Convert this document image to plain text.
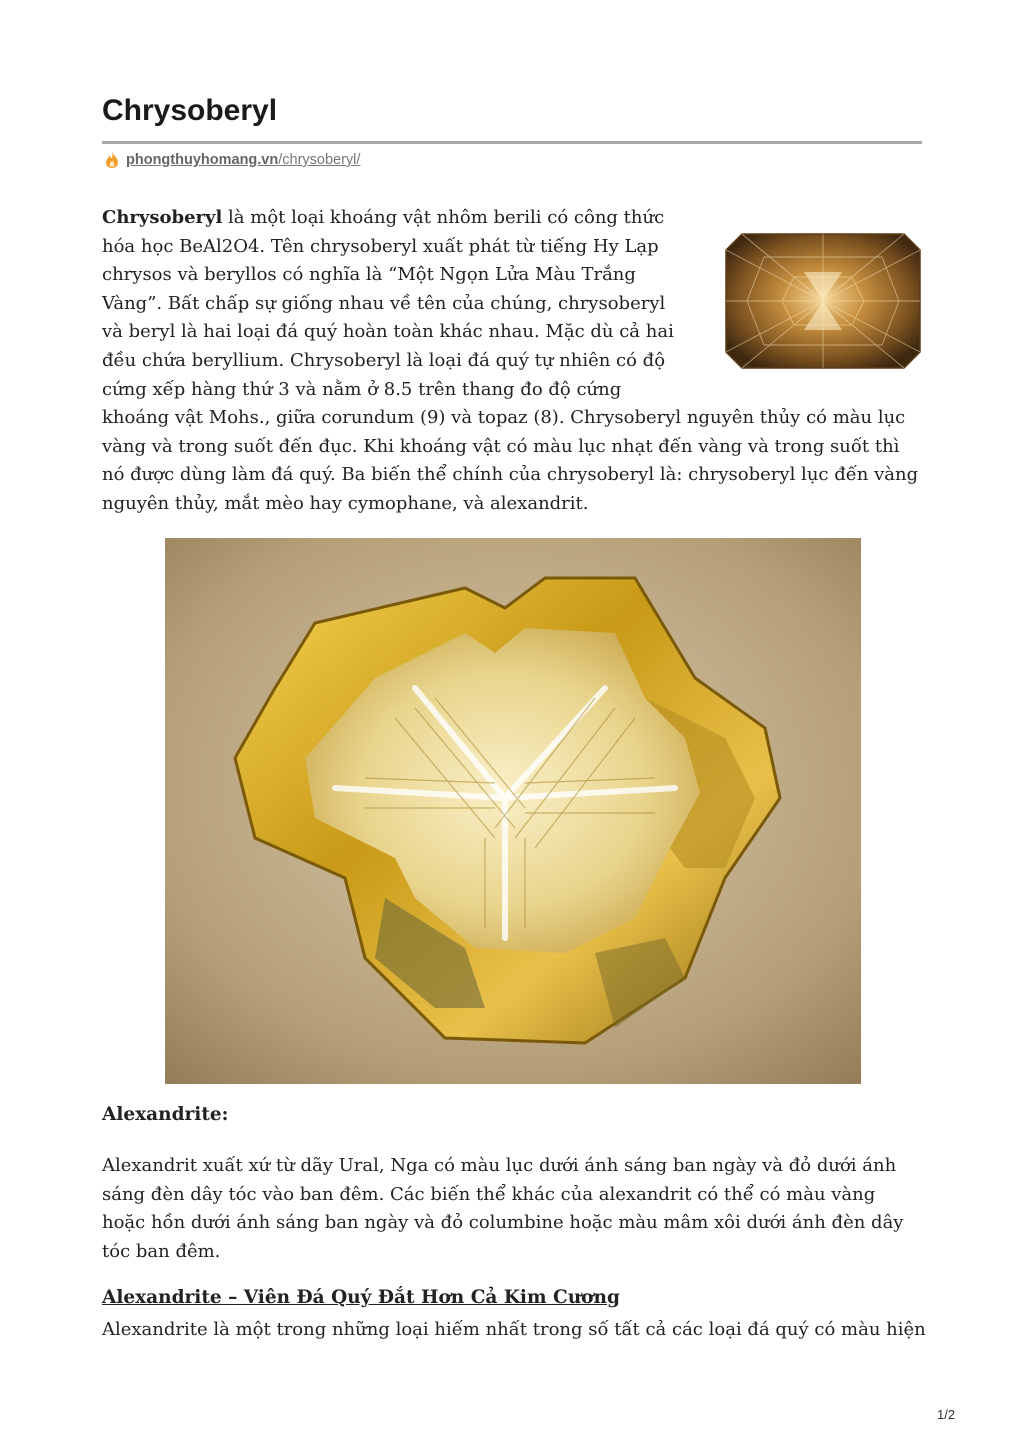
Chrysoberyl
phongthuyhomang.vn/chrysoberyl/

Chrysoberyl là một loại khoáng vật nhôm berili có công thức hóa học BeAl2O4. Tên chrysoberyl xuất phát từ tiếng Hy Lạp chrysos và beryllos có nghĩa là “Một Ngọn Lửa Màu Trắng Vàng”. Bất chấp sự giống nhau về tên của chúng, chrysoberyl và beryl là hai loại đá quý hoàn toàn khác nhau. Mặc dù cả hai đều chứa beryllium. Chrysoberyl là loại đá quý tự nhiên có độ cứng xếp hàng thứ 3 và nằm ở 8.5 trên thang đo độ cứng khoáng vật Mohs., giữa corundum (9) và topaz (8). Chrysoberyl nguyên thủy có màu lục vàng và trong suốt đến đục. Khi khoáng vật có màu lục nhạt đến vàng và trong suốt thì nó được dùng làm đá quý. Ba biến thể chính của chrysoberyl là: chrysoberyl lục đến vàng nguyên thủy, mắt mèo hay cymophane, và alexandrit.

Alexandrite:

Alexandrit xuất xứ từ dãy Ural, Nga có màu lục dưới ánh sáng ban ngày và đỏ dưới ánh sáng đèn dây tóc vào ban đêm. Các biến thể khác của alexandrit có thể có màu vàng hoặc hồn dưới ánh sáng ban ngày và đỏ columbine hoặc màu mâm xôi dưới ánh đèn dây tóc ban đêm.

Alexandrite – Viên Đá Quý Đắt Hơn Cả Kim Cương

Alexandrite là một trong những loại hiếm nhất trong số tất cả các loại đá quý có màu hiện

1/2
